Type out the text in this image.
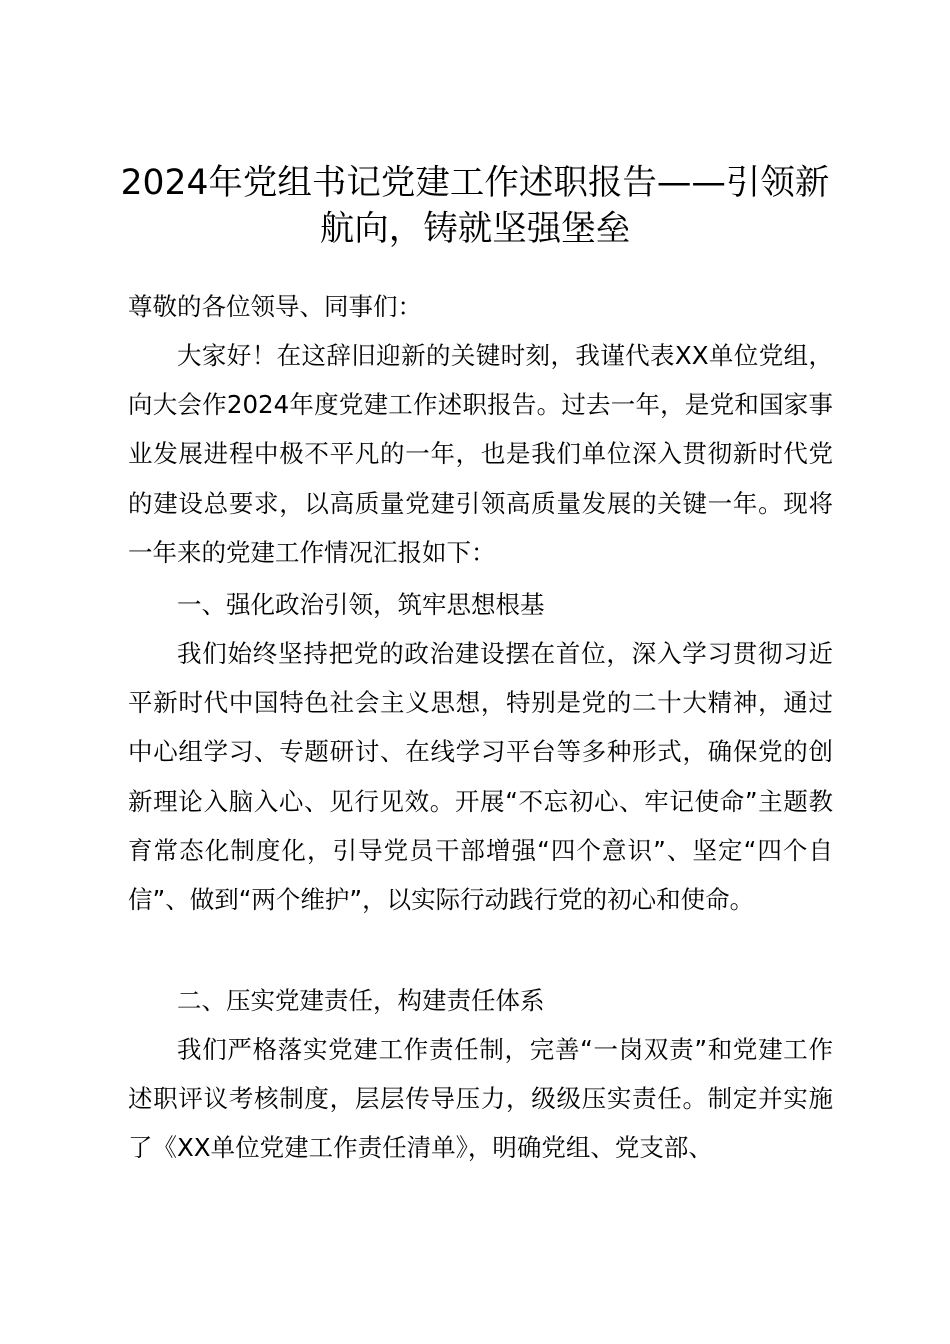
2024年党组书记党建工作述职报告——引领新航向，铸就坚强堡垒

尊敬的各位领导、同事们：

大家好！在这辞旧迎新的关键时刻，我谨代表XX单位党组，向大会作2024年度党建工作述职报告。过去一年，是党和国家事业发展进程中极不平凡的一年，也是我们单位深入贯彻新时代党的建设总要求，以高质量党建引领高质量发展的关键一年。现将一年来的党建工作情况汇报如下：

一、强化政治引领，筑牢思想根基

我们始终坚持把党的政治建设摆在首位，深入学习贯彻习近平新时代中国特色社会主义思想，特别是党的二十大精神，通过中心组学习、专题研讨、在线学习平台等多种形式，确保党的创新理论入脑入心、见行见效。开展“不忘初心、牢记使命”主题教育常态化制度化，引导党员干部增强“四个意识”、坚定“四个自信”、做到“两个维护”，以实际行动践行党的初心和使命。

二、压实党建责任，构建责任体系

我们严格落实党建工作责任制，完善“一岗双责”和党建工作述职评议考核制度，层层传导压力，级级压实责任。制定并实施了《XX单位党建工作责任清单》，明确党组、党支部、
